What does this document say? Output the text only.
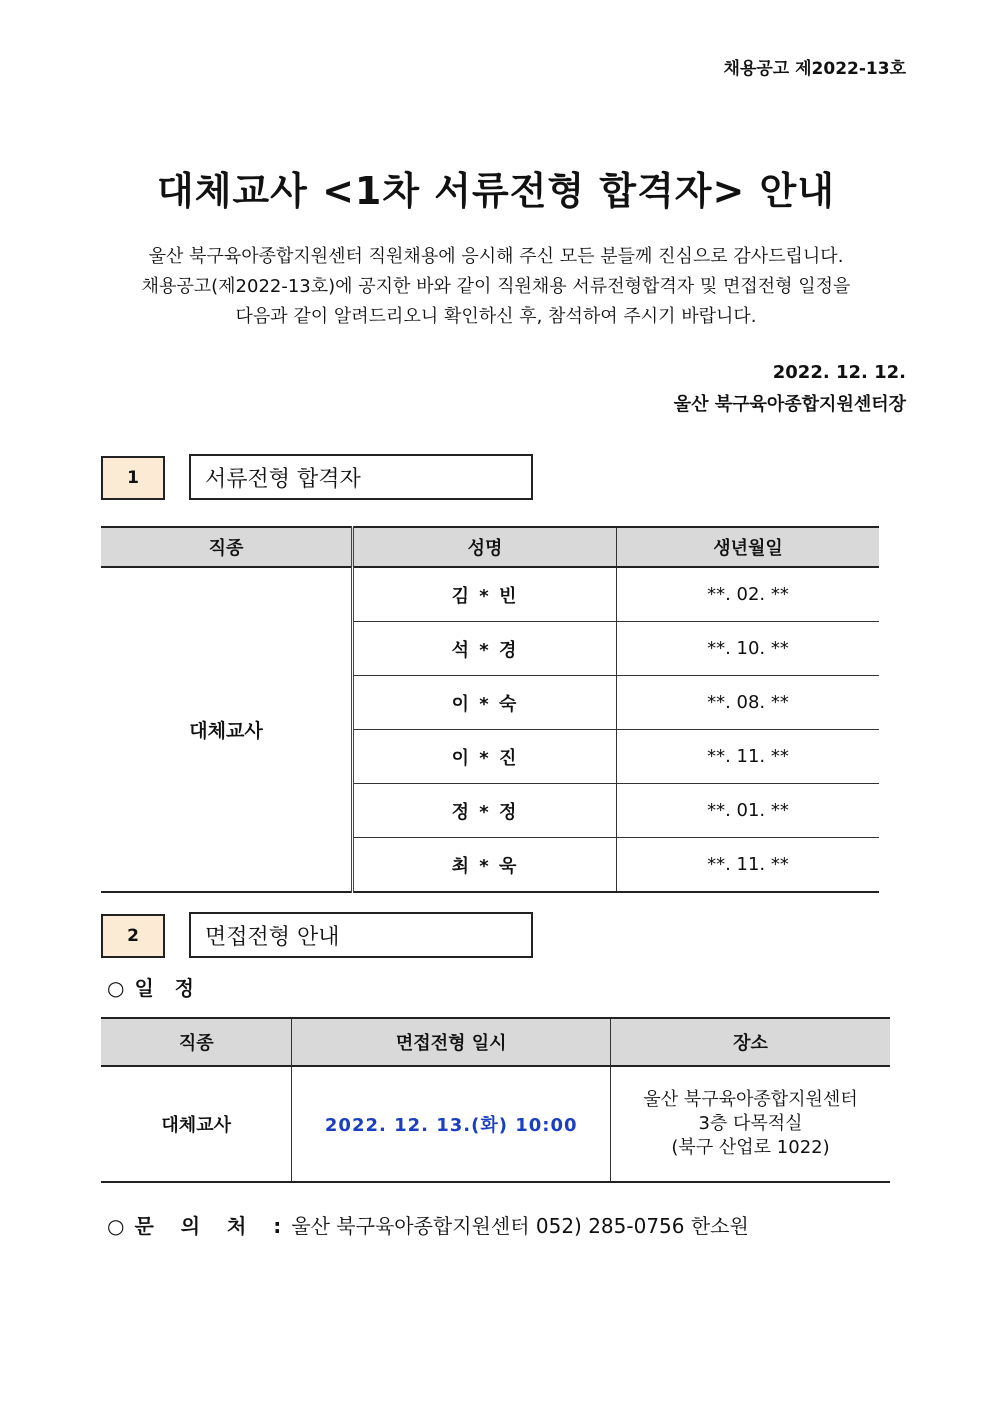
채용공고 제2022-13호
대체교사 <1차 서류전형 합격자> 안내
울산 북구육아종합지원센터 직원채용에 응시해 주신 모든 분들께 진심으로 감사드립니다.
채용공고(제2022-13호)에 공지한 바와 같이 직원채용 서류전형합격자 및 면접전형 일정을
다음과 같이 알려드리오니 확인하신 후, 참석하여 주시기 바랍니다.
2022. 12. 12.
울산 북구육아종합지원센터장
1	서류전형 합격자
직종	성명	생년월일
대체교사	김 * 빈	**. 02. **
	석 * 경	**. 10. **
	이 * 숙	**. 08. **
	이 * 진	**. 11. **
	정 * 정	**. 01. **
	최 * 욱	**. 11. **
2	면접전형 안내
○ 일   정
직종	면접전형 일시	장소
대체교사	2022. 12. 13.(화) 10:00	울산 북구육아종합지원센터
3층 다목적실
(북구 산업로 1022)
○ 문 의 처 :울산 북구육아종합지원센터 052) 285-0756 한소원
